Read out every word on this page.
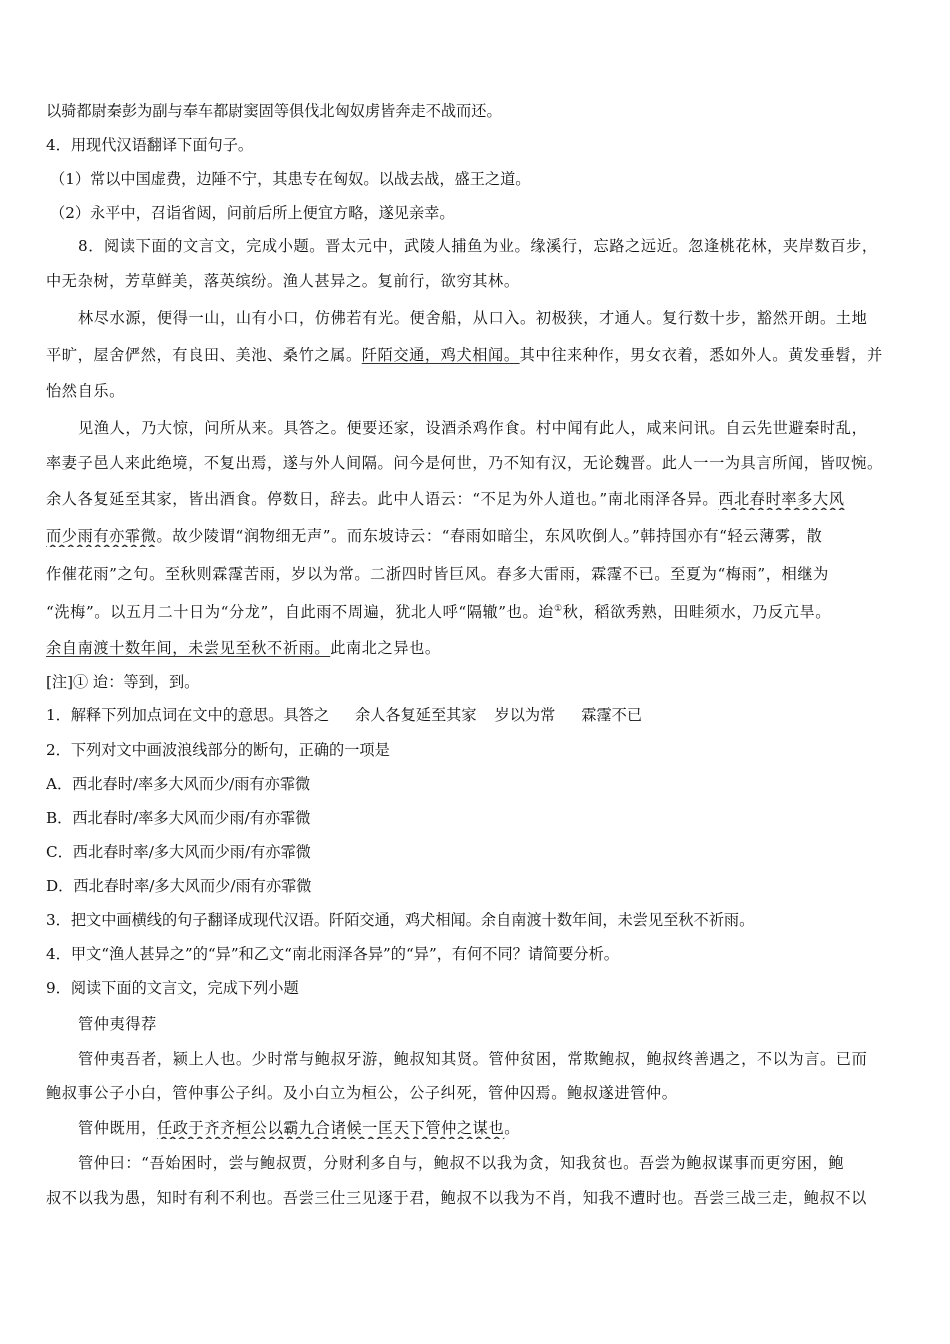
以骑都尉秦彭为副与奉车都尉窦固等俱伐北匈奴虏皆奔走不战而还。
4．用现代汉语翻译下面句子。
（1）常以中国虚费，边陲不宁，其患专在匈奴。以战去战，盛王之道。
（2）永平中，召诣省闼，问前后所上便宜方略，遂见亲幸。
8．阅读下面的文言文，完成小题。晋太元中，武陵人捕鱼为业。缘溪行，忘路之远近。忽逢桃花林，夹岸数百步，
中无杂树，芳草鲜美，落英缤纷。渔人甚异之。复前行，欲穷其林。
林尽水源，便得一山，山有小口，仿佛若有光。便舍船，从口入。初极狭，才通人。复行数十步，豁然开朗。土地
平旷，屋舍俨然，有良田、美池、桑竹之属。阡陌交通，鸡犬相闻。其中往来种作，男女衣着，悉如外人。黄发垂髫，并
怡然自乐。
见渔人，乃大惊，问所从来。具答之。便要还家，设酒杀鸡作食。村中闻有此人，咸来问讯。自云先世避秦时乱，
率妻子邑人来此绝境，不复出焉，遂与外人间隔。问今是何世，乃不知有汉，无论魏晋。此人一一为具言所闻，皆叹惋。
余人各复延至其家，皆出酒食。停数日，辞去。此中人语云：“不足为外人道也。”南北雨泽各异。西北春时率多大风
而少雨有亦霏微。故少陵谓“润物细无声”。而东坡诗云：“春雨如暗尘，东风吹倒人。”韩持国亦有“轻云薄雾，散
作催花雨”之句。至秋则霖霪苦雨，岁以为常。二浙四时皆巨风。春多大雷雨，霖霪不已。至夏为“梅雨”，相继为
“洗梅”。以五月二十日为“分龙”，自此雨不周遍，犹北人呼“隔辙”也。迨①秋，稻欲秀熟，田畦须水，乃反亢旱。
余自南渡十数年间，未尝见至秋不祈雨。此南北之异也。
[注]① 迨：等到，到。
1．解释下列加点词在文中的意思。具答之 余人各复延至其家 岁以为常 霖霪不已
2．下列对文中画波浪线部分的断句，正确的一项是
A．西北春时/率多大风而少/雨有亦霏微
B．西北春时/率多大风而少雨/有亦霏微
C．西北春时率/多大风而少雨/有亦霏微
D．西北春时率/多大风而少/雨有亦霏微
3．把文中画横线的句子翻译成现代汉语。阡陌交通，鸡犬相闻。余自南渡十数年间，未尝见至秋不祈雨。
4．甲文“渔人甚异之”的“异”和乙文“南北雨泽各异”的“异”，有何不同？请简要分析。
9．阅读下面的文言文，完成下列小题
管仲夷得荐
管仲夷吾者，颍上人也。少时常与鲍叔牙游，鲍叔知其贤。管仲贫困，常欺鲍叔，鲍叔终善遇之，不以为言。已而
鲍叔事公子小白，管仲事公子纠。及小白立为桓公，公子纠死，管仲囚焉。鲍叔遂进管仲。
管仲既用，任政于齐齐桓公以霸九合诸候一匡天下管仲之谋也。
管仲曰：“吾始困时，尝与鲍叔贾，分财利多自与，鲍叔不以我为贪，知我贫也。吾尝为鲍叔谋事而更穷困，鲍
叔不以我为愚，知时有利不利也。吾尝三仕三见逐于君，鲍叔不以我为不肖，知我不遭时也。吾尝三战三走，鲍叔不以
